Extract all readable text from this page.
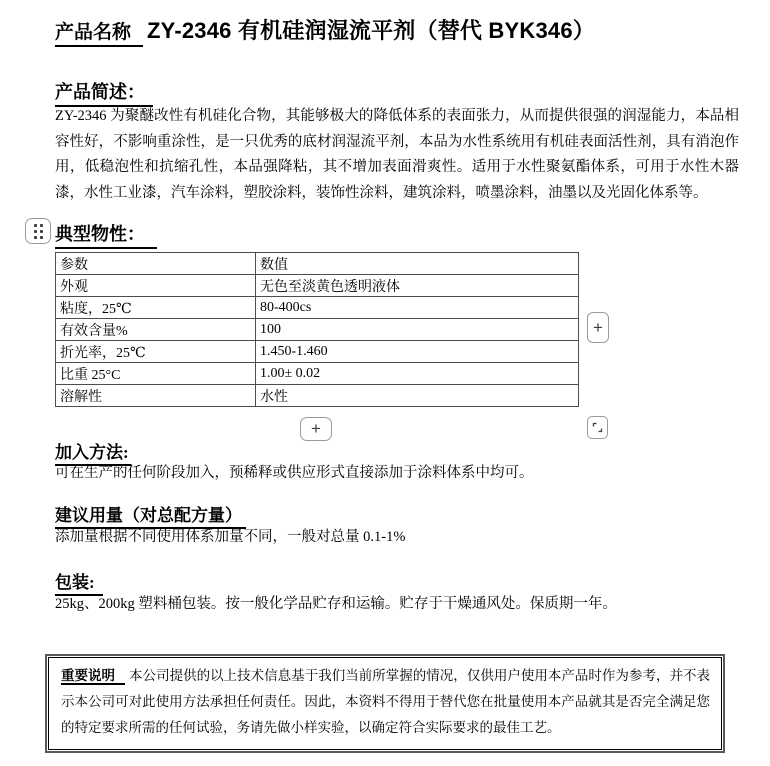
产品名称 ZY-2346 有机硅润湿流平剂（替代 BYK346）
产品简述：

ZY-2346 为聚醚改性有机硅化合物，其能够极大的降低体系的表面张力，从而提供很强的润湿能力，本品相容性好，不影响重涂性，是一只优秀的底材润湿流平剂，本品为水性系统用有机硅表面活性剂，具有消泡作用，低稳泡性和抗缩孔性，本品强降粘，其不增加表面滑爽性。适用于水性聚氨酯体系，可用于水性木器漆，水性工业漆，汽车涂料，塑胶涂料，装饰性涂料，建筑涂料，喷墨涂料，油墨以及光固化体系等。

典型物性：
参数	数值
外观	无色至淡黄色透明液体
粘度，25℃	80-400cs
有效含量%	100
折光率，25℃	1.450-1.460
比重 25°C	1.00± 0.02
溶解性	水性
+
+
加入方法:

可在生产的任何阶段加入，预稀释或供应形式直接添加于涂料体系中均可。

建议用量（对总配方量）

添加量根据不同使用体系加量不同，一般对总量 0.1-1%

包装:

25kg、200kg 塑料桶包装。按一般化学品贮存和运输。贮存于干燥通风处。保质期一年。

重要说明 本公司提供的以上技术信息基于我们当前所掌握的情况，仅供用户使用本产品时作为参考，并不表示本公司可对此使用方法承担任何责任。因此，本资料不得用于替代您在批量使用本产品就其是否完全满足您的特定要求所需的任何试验，务请先做小样实验，以确定符合实际要求的最佳工艺。
